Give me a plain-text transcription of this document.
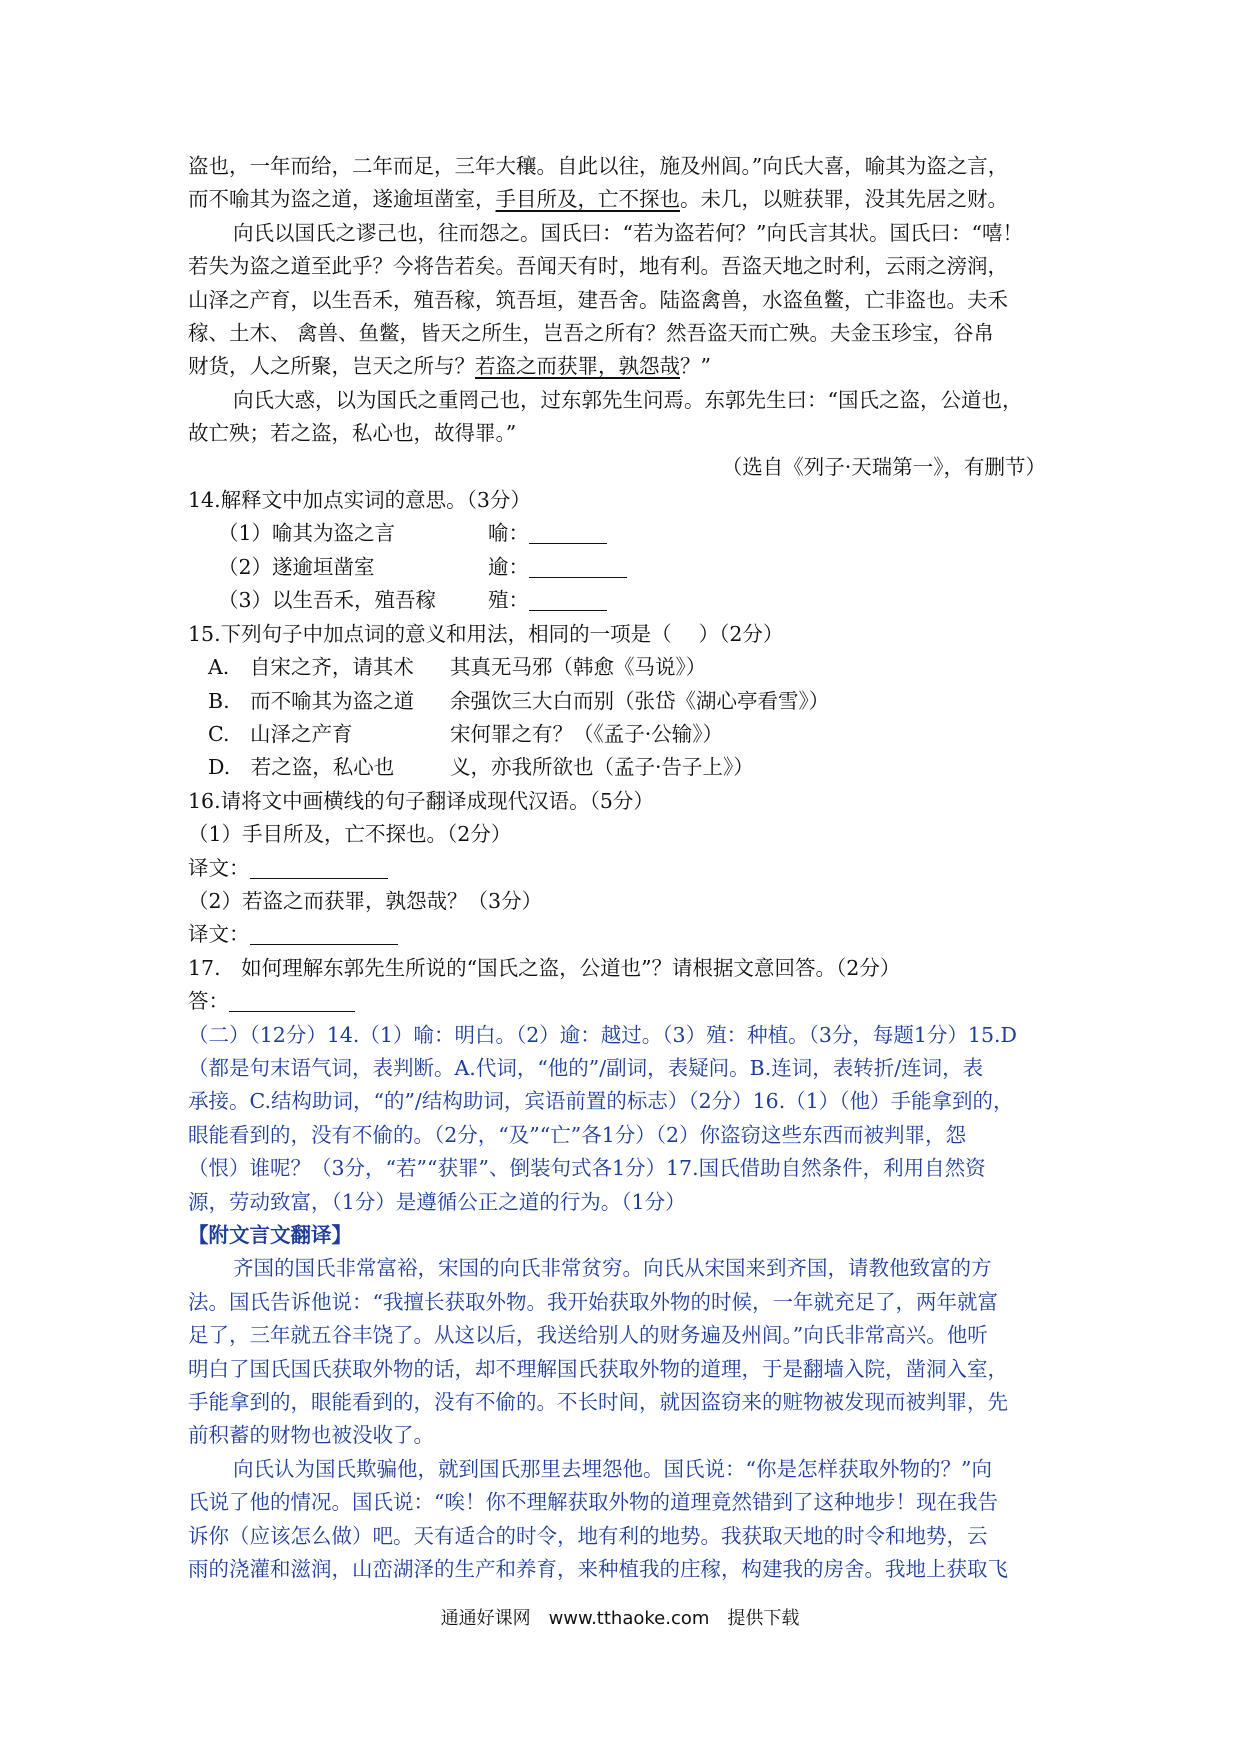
盗也，一年而给，二年而足，三年大穰。自此以往，施及州闾。”向氏大喜，喻其为盗之言，
而不喻其为盗之道，遂逾垣凿室，手目所及，亡不探也。未几，以赃获罪，没其先居之财。
向氏以国氏之谬己也，往而怨之。国氏曰：“若为盗若何？”向氏言其状。国氏曰：“嘻！
若失为盗之道至此乎？今将告若矣。吾闻天有时，地有利。吾盗天地之时利，云雨之滂润，
山泽之产育，以生吾禾，殖吾稼，筑吾垣，建吾舍。陆盗禽兽，水盗鱼鳖，亡非盗也。夫禾
稼、土木、 禽兽、鱼鳖，皆天之所生，岂吾之所有？然吾盗天而亡殃。夫金玉珍宝，谷帛
财货，人之所聚，岂天之所与？若盗之而获罪，孰怨哉？”
向氏大惑，以为国氏之重罔己也，过东郭先生问焉。东郭先生曰：“国氏之盗，公道也，
故亡殃；若之盗，私心也，故得罪。”
（选自《列子·天瑞第一》，有删节）
14.解释文中加点实词的意思。（3分）
（1）喻其为盗之言	喻：
（2）遂逾垣凿室	逾：
（3）以生吾禾，殖吾稼	殖：
15.下列句子中加点词的意义和用法，相同的一项是（　 ）（2分）
A.　自宋之齐，请其术	其真无马邪（韩愈《马说》）
B.　而不喻其为盗之道	余强饮三大白而别（张岱《湖心亭看雪》）
C.　山泽之产育	宋何罪之有？（《孟子·公输》）
D.　若之盗，私心也	义，亦我所欲也（孟子·告子上》）
16.请将文中画横线的句子翻译成现代汉语。（5分）
（1）手目所及，亡不探也。（2分）
译文：
（2）若盗之而获罪，孰怨哉？（3分）
译文：
17.　如何理解东郭先生所说的“国氏之盗，公道也”？请根据文意回答。（2分）
答：
（二）（12分）14.（1）喻：明白。（2）逾：越过。（3）殖：种植。（3分，每题1分）15.D
（都是句末语气词，表判断。A.代词，“他的”/副词，表疑问。B.连词，表转折/连词，表
承接。C.结构助词，“的”/结构助词，宾语前置的标志）（2分）16.（1）（他）手能拿到的，
眼能看到的，没有不偷的。（2分，“及”“亡”各1分）（2）你盗窃这些东西而被判罪，怨
（恨）谁呢？（3分，“若”“获罪”、倒装句式各1分）17.国氏借助自然条件，利用自然资
源，劳动致富，（1分）是遵循公正之道的行为。（1分）
【附文言文翻译】
齐国的国氏非常富裕，宋国的向氏非常贫穷。向氏从宋国来到齐国，请教他致富的方
法。国氏告诉他说：“我擅长获取外物。我开始获取外物的时候，一年就充足了，两年就富
足了，三年就五谷丰饶了。从这以后，我送给别人的财务遍及州闾。”向氏非常高兴。他听
明白了国氏国氏获取外物的话，却不理解国氏获取外物的道理，于是翻墙入院，凿洞入室，
手能拿到的，眼能看到的，没有不偷的。不长时间，就因盗窃来的赃物被发现而被判罪，先
前积蓄的财物也被没收了。
向氏认为国氏欺骗他，就到国氏那里去埋怨他。国氏说：“你是怎样获取外物的？”向
氏说了他的情况。国氏说：“唉！你不理解获取外物的道理竟然错到了这种地步！现在我告
诉你（应该怎么做）吧。天有适合的时令，地有利的地势。我获取天地的时令和地势，云
雨的浇灌和滋润，山峦湖泽的生产和养育，来种植我的庄稼，构建我的房舍。我地上获取飞
通通好课网　www.tthaoke.com　提供下载
